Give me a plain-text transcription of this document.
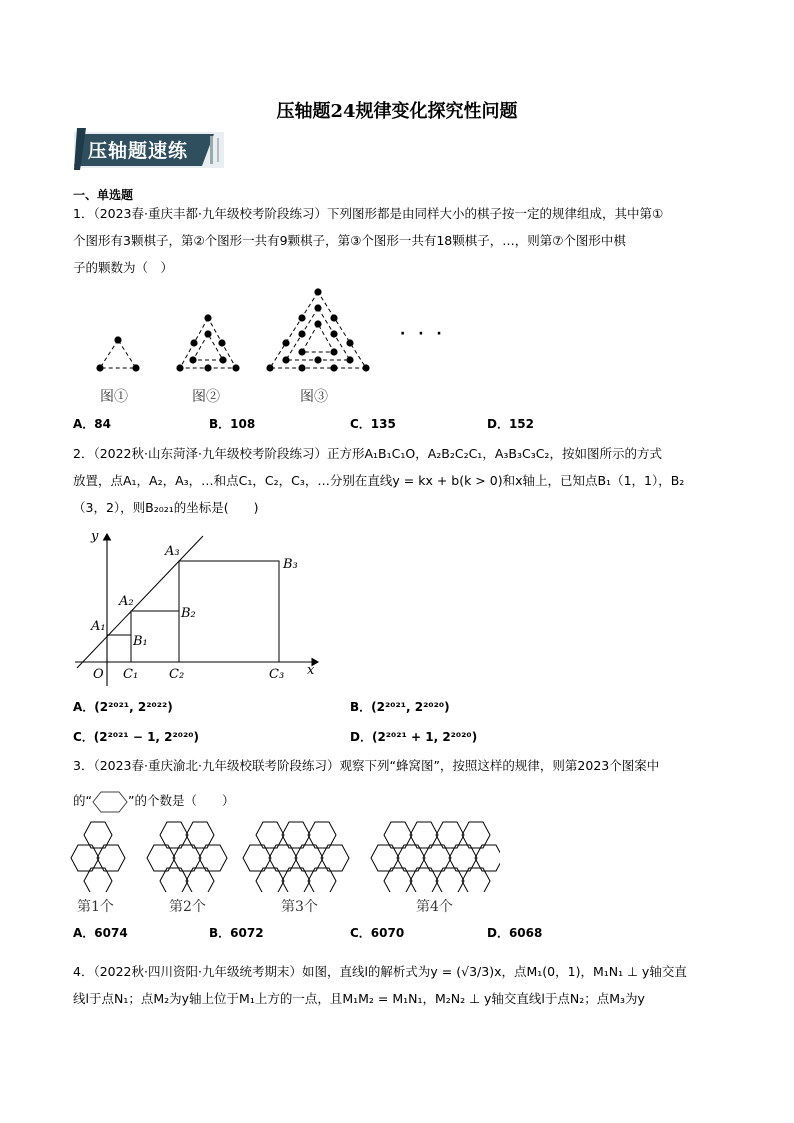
压轴题24规律变化探究性问题
压轴题速练
一、单选题
1．（2023春·重庆丰都·九年级校考阶段练习）下列图形都是由同样大小的棋子按一定的规律组成，其中第①
个图形有3颗棋子，第②个图形一共有9颗棋子，第③个图形一共有18颗棋子，…，则第⑦个图形中棋
子的颗数为（　）
· · ·
图①	图②	图③
A．84	B．108	C．135	D．152
2．（2022秋·山东菏泽·九年级校考阶段练习）正方形A₁B₁C₁O，A₂B₂C₂C₁，A₃B₃C₃C₂，按如图所示的方式
放置，点A₁，A₂，A₃，…和点C₁，C₂，C₃，…分别在直线y = kx + b(k > 0)和x轴上，已知点B₁（1，1），B₂
（3，2），则B₂₀₂₁的坐标是(　　)
y
x
O
A₁
A₂
A₃
B₁
B₂
B₃
C₁ C₂	C₃
A．(2²⁰²¹, 2²⁰²²)	B．(2²⁰²¹, 2²⁰²⁰)
C．(2²⁰²¹ − 1, 2²⁰²⁰)	D．(2²⁰²¹ + 1, 2²⁰²⁰)
3．（2023春·重庆渝北·九年级校联考阶段练习）观察下列“蜂窝图”，按照这样的规律，则第2023个图案中
的“	”的个数是（　　）
第1个	第2个	第3个	第4个
A．6074	B．6072	C．6070	D．6068
4．（2022秋·四川资阳·九年级统考期末）如图，直线l的解析式为y = (√3/3)x，点M₁(0，1)，M₁N₁ ⊥ y轴交直
线l于点N₁；点M₂为y轴上位于M₁上方的一点，且M₁M₂ = M₁N₁，M₂N₂ ⊥ y轴交直线l于点N₂；点M₃为y
